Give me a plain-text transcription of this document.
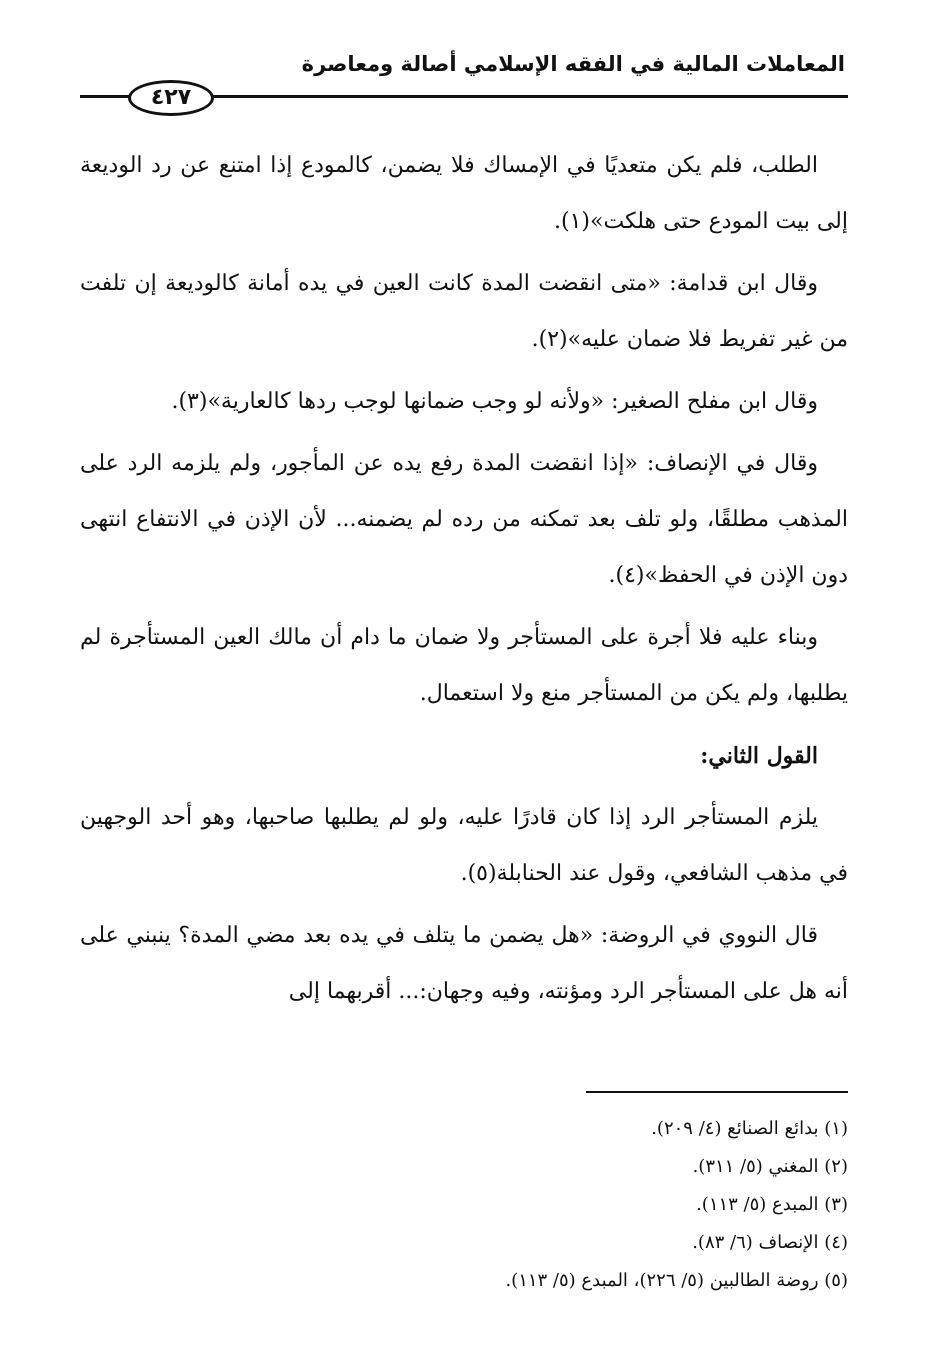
المعاملات المالية في الفقه الإسلامي أصالة ومعاصرة
٤٢٧

الطلب، فلم يكن متعديًا في الإمساك فلا يضمن، كالمودع إذا امتنع عن رد الوديعة إلى بيت المودع حتى هلكت»(١).

وقال ابن قدامة: «متى انقضت المدة كانت العين في يده أمانة كالوديعة إن تلفت من غير تفريط فلا ضمان عليه»(٢).

وقال ابن مفلح الصغير: «ولأنه لو وجب ضمانها لوجب ردها كالعارية»(٣).

وقال في الإنصاف: «إذا انقضت المدة رفع يده عن المأجور، ولم يلزمه الرد على المذهب مطلقًا، ولو تلف بعد تمكنه من رده لم يضمنه... لأن الإذن في الانتفاع انتهى دون الإذن في الحفظ»(٤).

وبناء عليه فلا أجرة على المستأجر ولا ضمان ما دام أن مالك العين المستأجرة لم يطلبها، ولم يكن من المستأجر منع ولا استعمال.

القول الثاني:

يلزم المستأجر الرد إذا كان قادرًا عليه، ولو لم يطلبها صاحبها، وهو أحد الوجهين في مذهب الشافعي، وقول عند الحنابلة(٥).

قال النووي في الروضة: «هل يضمن ما يتلف في يده بعد مضي المدة؟ ينبني على أنه هل على المستأجر الرد ومؤنته، وفيه وجهان:... أقربهما إلى

(١) بدائع الصنائع (٤/ ٢٠٩).
(٢) المغني (٥/ ٣١١).
(٣) المبدع (٥/ ١١٣).
(٤) الإنصاف (٦/ ٨٣).
(٥) روضة الطالبين (٥/ ٢٢٦)، المبدع (٥/ ١١٣).
